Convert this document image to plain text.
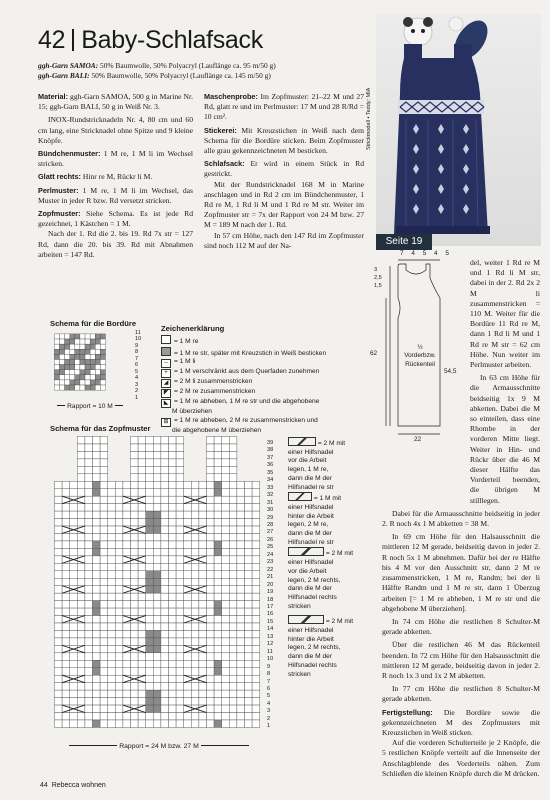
42 Baby-Schlafsack
ggh-Garn SAMOA: 50% Baumwolle, 50% Polyacryl (Lauflänge ca. 95 m/50 g)
ggh-Garn BALI: 50% Baumwolle, 50% Polyacryl (Lauflänge ca. 145 m/50 g)

Material: ggh-Garn SAMOA, 500 g in Marine Nr. 15; ggh-Garn BALI, 50 g in Weiß Nr. 3.

INOX-Rundstricknadeln Nr. 4, 80 cm und 60 cm lang, eine Stricknadel ohne Spitze und 9 kleine Knöpfe.

Bündchenmuster: 1 M re, 1 M li im Wechsel stricken.

Glatt rechts: Hinr re M, Rückr li M.

Perlmuster: 1 M re, 1 M li im Wechsel, das Muster in jeder R bzw. Rd versetzt stricken.

Zopfmuster: Siehe Schema. Es ist jede Rd gezeichnet, 1 Kästchen = 1 M.

Nach der 1. Rd die 2. bis 19. Rd 7x str = 127 Rd, dann die 20. bis 39. Rd mit Abnahmen arbeiten = 147 Rd.

Maschenprobe: Im Zopfmuster: 21–22 M und 27 Rd, glatt re und im Perlmuster: 17 M und 28 R/Rd = 10 cm².

Stickerei: Mit Kreuzstichen in Weiß nach dem Schema für die Bordüre sticken. Beim Zopfmuster alle grau gekennzeichneten M besticken.

Schlafsack: Er wird in einem Stück in Rd gestrickt.

Mit der Rundstricknadel 168 M in Marine anschlagen und in Rd 2 cm im Bündchenmuster, 1 Rd re M, 1 Rd li M und 1 Rd re M str. Weiter im Zopfmuster str = 7x der Rapport von 24 M bzw. 27 M = 189 M nach der 1. Rd.

In 57 cm Höhe, nach den 147 Rd im Zopfmuster sind noch 112 M auf der Na-

Strickmodell • Teddy: MIA
Seite 19
7 4 5 4 5
3
2,5
1,5
62
54,5
½ Vorderbzw. Rückenteil
22
del, weiter 1 Rd re M und 1 Rd li M str, dabei in der 2. Rd 2x 2 M li zusammenstricken = 110 M. Weiter für die Bordüre 11 Rd re M, dann 1 Rd li M und 1 Rd re M str = 62 cm Höhe. Nun weiter im Perlmuster arbeiten.

In 63 cm Höhe für die Armausschnitte beidseitig 1x 9 M abketten. Dabei die M so einteilen, dass eine Rhombe in der vorderen Mitte liegt. Weiter in Hin- und Rückr über die 46 M dieser Hälfte das Vorderteil beenden, die übrigen M stilllegen.

Dabei für die Armausschnitte beidseitig in jeder 2. R noch 4x 1 M abketten = 38 M.

In 69 cm Höhe für den Halsausschnitt die mittleren 12 M gerade, beidseitig davon in jeder 2. R noch 5x 1 M abnehmen. Dafür bei der re Hälfte bis 4 M vor den Ausschnitt str, dann 2 M re zusammenstricken, 1 M re, Randm; bei der li Hälfte Randm und 1 M re str, dann 1 Überzug arbeiten [= 1 M re abheben, 1 M re str und die abgehobene M überziehen].

In 74 cm Höhe die restlichen 8 Schulter-M gerade abketten.

Über die restlichen 46 M das Rückenteil beenden. In 72 cm Höhe für den Halsausschnitt die mittleren 12 M gerade, beidseitig davon in jeder 2. R noch 1x 3 und 1x 2 M abketten.

In 77 cm Höhe die restlichen 8 Schulter-M gerade abketten.

Fertigstellung: Die Bordüre sowie die gekennzeichneten M des Zopfmusters mit Kreuzstichen in Weiß sticken.

Auf die vorderen Schulterteile je 2 Knöpfe, die 5 restlichen Knöpfe verteilt auf die Innenseite der Anschlagblende des Vorderteils nähen. Zum Schließen die kleinen Knöpfe durch die M drücken.

Schema für die Bordüre
11
10
9
8
7
6
5
4
3
2
1
Rapport = 10 M
Zeichenerklärung
= 1 M re
= 1 M re str, später mit Kreuzstich in Weiß besticken
– = 1 M li
+ = 1 M verschränkt aus dem Querfaden zunehmen
◢ = 2 M li zusammenstricken
◤ = 2 M re zusammenstricken
◣ = 1 M re abheben, 1 M re str und die abgehobene
M überziehen
⊞ = 1 M re abheben, 2 M re zusammenstricken und
die abgehobene M überziehen
Schema für das Zopfmuster
39
38
37
36
35
34
33
32
31
30
29
28
27
26
25
24
23
22
21
20
19
18
17
16
15
14
13
12
11
10
9
8
7
6
5
4
3
2
1
Rapport = 24 M bzw. 27 M
= 2 M mit
einer Hilfsnadel
vor die Arbeit
legen, 1 M re,
dann die M der
Hilfsnadel re str
= 1 M mit
einer Hilfsnadel
hinter die Arbeit
legen, 2 M re,
dann die M der
Hilfsnadel re str
= 2 M mit
einer Hilfsnadel
vor die Arbeit
legen, 2 M rechts,
dann die M der
Hilfsnadel rechts
stricken
= 2 M mit
einer Hilfsnadel
hinter die Arbeit
legen, 2 M rechts,
dann die M der
Hilfsnadel rechts
stricken
44 Rebecca wohnen
